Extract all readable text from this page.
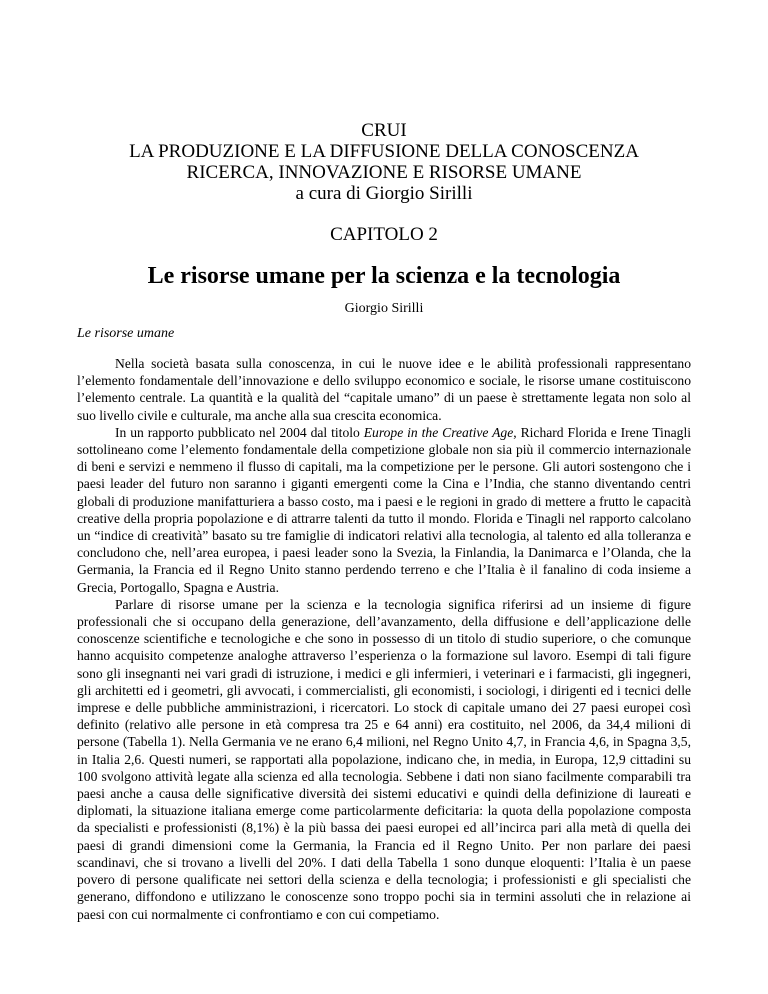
CRUI
LA PRODUZIONE E LA DIFFUSIONE DELLA CONOSCENZA
RICERCA, INNOVAZIONE E RISORSE UMANE
a cura di Giorgio Sirilli
CAPITOLO 2
Le risorse umane per la scienza e la tecnologia
Giorgio Sirilli
Le risorse umane

Nella società basata sulla conoscenza, in cui le nuove idee e le abilità professionali rappresentano l’elemento fondamentale dell’innovazione e dello sviluppo economico e sociale, le risorse umane costituiscono l’elemento centrale. La quantità e la qualità del “capitale umano” di un paese è strettamente legata non solo al suo livello civile e culturale, ma anche alla sua crescita economica.

In un rapporto pubblicato nel 2004 dal titolo Europe in the Creative Age, Richard Florida e Irene Tinagli sottolineano come l’elemento fondamentale della competizione globale non sia più il commercio internazionale di beni e servizi e nemmeno il flusso di capitali, ma la competizione per le persone. Gli autori sostengono che i paesi leader del futuro non saranno i giganti emergenti come la Cina e l’India, che stanno diventando centri globali di produzione manifatturiera a basso costo, ma i paesi e le regioni in grado di mettere a frutto le capacità creative della propria popolazione e di attrarre talenti da tutto il mondo. Florida e Tinagli nel rapporto calcolano un “indice di creatività” basato su tre famiglie di indicatori relativi alla tecnologia, al talento ed alla tolleranza e concludono che, nell’area europea, i paesi leader sono la Svezia, la Finlandia, la Danimarca e l’Olanda, che la Germania, la Francia ed il Regno Unito stanno perdendo terreno e che l’Italia è il fanalino di coda insieme a Grecia, Portogallo, Spagna e Austria.

Parlare di risorse umane per la scienza e la tecnologia significa riferirsi ad un insieme di figure professionali che si occupano della generazione, dell’avanzamento, della diffusione e dell’applicazione delle conoscenze scientifiche e tecnologiche e che sono in possesso di un titolo di studio superiore, o che comunque hanno acquisito competenze analoghe attraverso l’esperienza o la formazione sul lavoro. Esempi di tali figure sono gli insegnanti nei vari gradi di istruzione, i medici e gli infermieri, i veterinari e i farmacisti, gli ingegneri, gli architetti ed i geometri, gli avvocati, i commercialisti, gli economisti, i sociologi, i dirigenti ed i tecnici delle imprese e delle pubbliche amministrazioni, i ricercatori. Lo stock di capitale umano dei 27 paesi europei così definito (relativo alle persone in età compresa tra 25 e 64 anni) era costituito, nel 2006, da 34,4 milioni di persone (Tabella 1). Nella Germania ve ne erano 6,4 milioni, nel Regno Unito 4,7, in Francia 4,6, in Spagna 3,5, in Italia 2,6. Questi numeri, se rapportati alla popolazione, indicano che, in media, in Europa, 12,9 cittadini su 100 svolgono attività legate alla scienza ed alla tecnologia. Sebbene i dati non siano facilmente comparabili tra paesi anche a causa delle significative diversità dei sistemi educativi e quindi della definizione di laureati e diplomati, la situazione italiana emerge come particolarmente deficitaria: la quota della popolazione composta da specialisti e professionisti (8,1%) è la più bassa dei paesi europei ed all’incirca pari alla metà di quella dei paesi di grandi dimensioni come la Germania, la Francia ed il Regno Unito. Per non parlare dei paesi scandinavi, che si trovano a livelli del 20%. I dati della Tabella 1 sono dunque eloquenti: l’Italia è un paese povero di persone qualificate nei settori della scienza e della tecnologia; i professionisti e gli specialisti che generano, diffondono e utilizzano le conoscenze sono troppo pochi sia in termini assoluti che in relazione ai paesi con cui normalmente ci confrontiamo e con cui competiamo.
